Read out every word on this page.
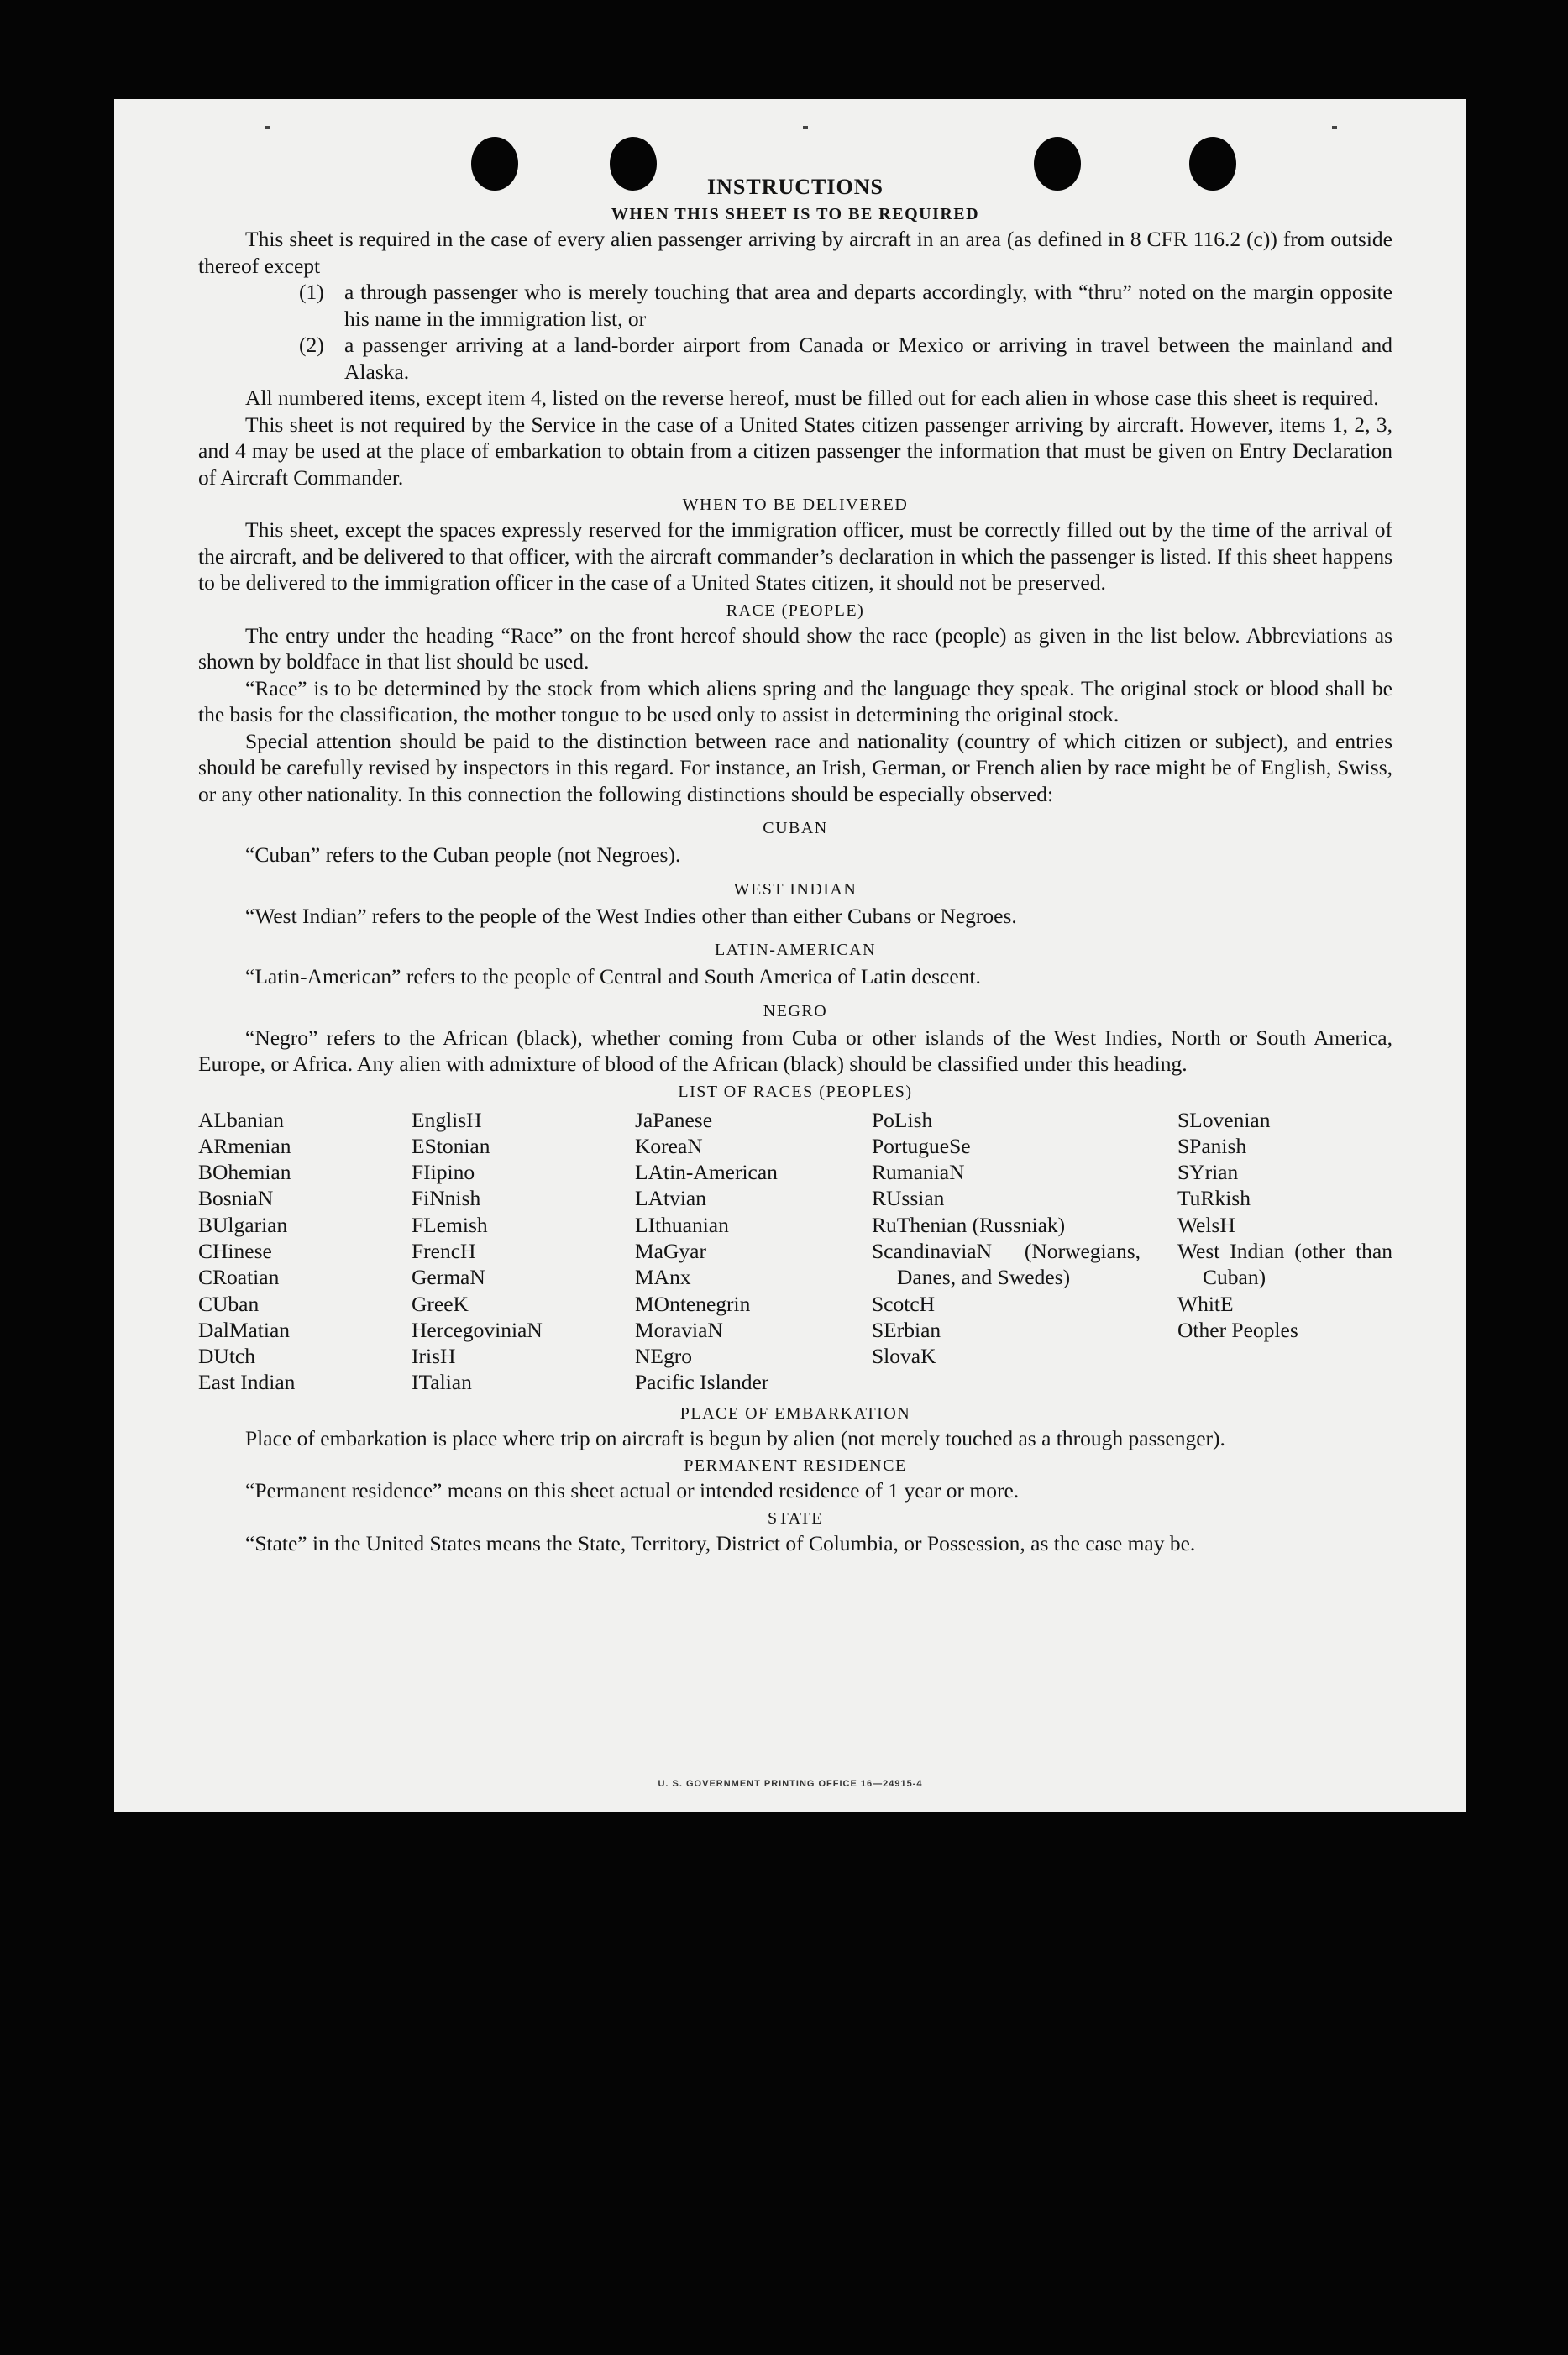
INSTRUCTIONS
WHEN THIS SHEET IS TO BE REQUIRED

This sheet is required in the case of every alien passenger arriving by aircraft in an area (as defined in 8 CFR 116.2 (c)) from outside thereof except

(1) a through passenger who is merely touching that area and departs accordingly, with “thru” noted on the margin opposite his name in the immigration list, or
(2) a passenger arriving at a land-border airport from Canada or Mexico or arriving in travel between the mainland and Alaska.

All numbered items, except item 4, listed on the reverse hereof, must be filled out for each alien in whose case this sheet is required.

This sheet is not required by the Service in the case of a United States citizen passenger arriving by aircraft. However, items 1, 2, 3, and 4 may be used at the place of embarkation to obtain from a citizen passenger the information that must be given on Entry Declaration of Aircraft Commander.

WHEN TO BE DELIVERED

This sheet, except the spaces expressly reserved for the immigration officer, must be correctly filled out by the time of the arrival of the aircraft, and be delivered to that officer, with the aircraft commander’s declaration in which the passenger is listed. If this sheet happens to be delivered to the immigration officer in the case of a United States citizen, it should not be preserved.

RACE (PEOPLE)

The entry under the heading “Race” on the front hereof should show the race (people) as given in the list below. Abbreviations as shown by boldface in that list should be used.

“Race” is to be determined by the stock from which aliens spring and the language they speak. The original stock or blood shall be the basis for the classification, the mother tongue to be used only to assist in determining the original stock.

Special attention should be paid to the distinction between race and nationality (country of which citizen or subject), and entries should be carefully revised by inspectors in this regard. For instance, an Irish, German, or French alien by race might be of English, Swiss, or any other nationality. In this connection the following distinctions should be especially observed:

CUBAN

“Cuban” refers to the Cuban people (not Negroes).

WEST INDIAN

“West Indian” refers to the people of the West Indies other than either Cubans or Negroes.

LATIN-AMERICAN

“Latin-American” refers to the people of Central and South America of Latin descent.

NEGRO

“Negro” refers to the African (black), whether coming from Cuba or other islands of the West Indies, North or South America, Europe, or Africa. Any alien with admixture of blood of the African (black) should be classified under this heading.

LIST OF RACES (PEOPLES)
ALbanian
ARmenian
BOhemian
BosniaN
BUlgarian
CHinese
CRoatian
CUban
DalMatian
DUtch
East Indian
EnglisH
EStonian
FIipino
FiNnish
FLemish
FrencH
GermaN
GreeK
HercegoviniaN
IrisH
ITalian
JaPanese
KoreaN
LAtin-American
LAtvian
LIthuanian
MaGyar
MAnx
MOntenegrin
MoraviaN
NEgro
Pacific Islander
PoLish
PortugueSe
RumaniaN
RUssian
RuThenian (Russniak)
ScandinaviaN (Norwegians, Danes, and Swedes)
ScotcH
SErbian
SlovaK
SLovenian
SPanish
SYrian
TuRkish
WelsH
West Indian (other than Cuban)
WhitE
Other Peoples
PLACE OF EMBARKATION

Place of embarkation is place where trip on aircraft is begun by alien (not merely touched as a through passenger).

PERMANENT RESIDENCE

“Permanent residence” means on this sheet actual or intended residence of 1 year or more.

STATE

“State” in the United States means the State, Territory, District of Columbia, or Possession, as the case may be.

U. S. GOVERNMENT PRINTING OFFICE 16—24915-4
